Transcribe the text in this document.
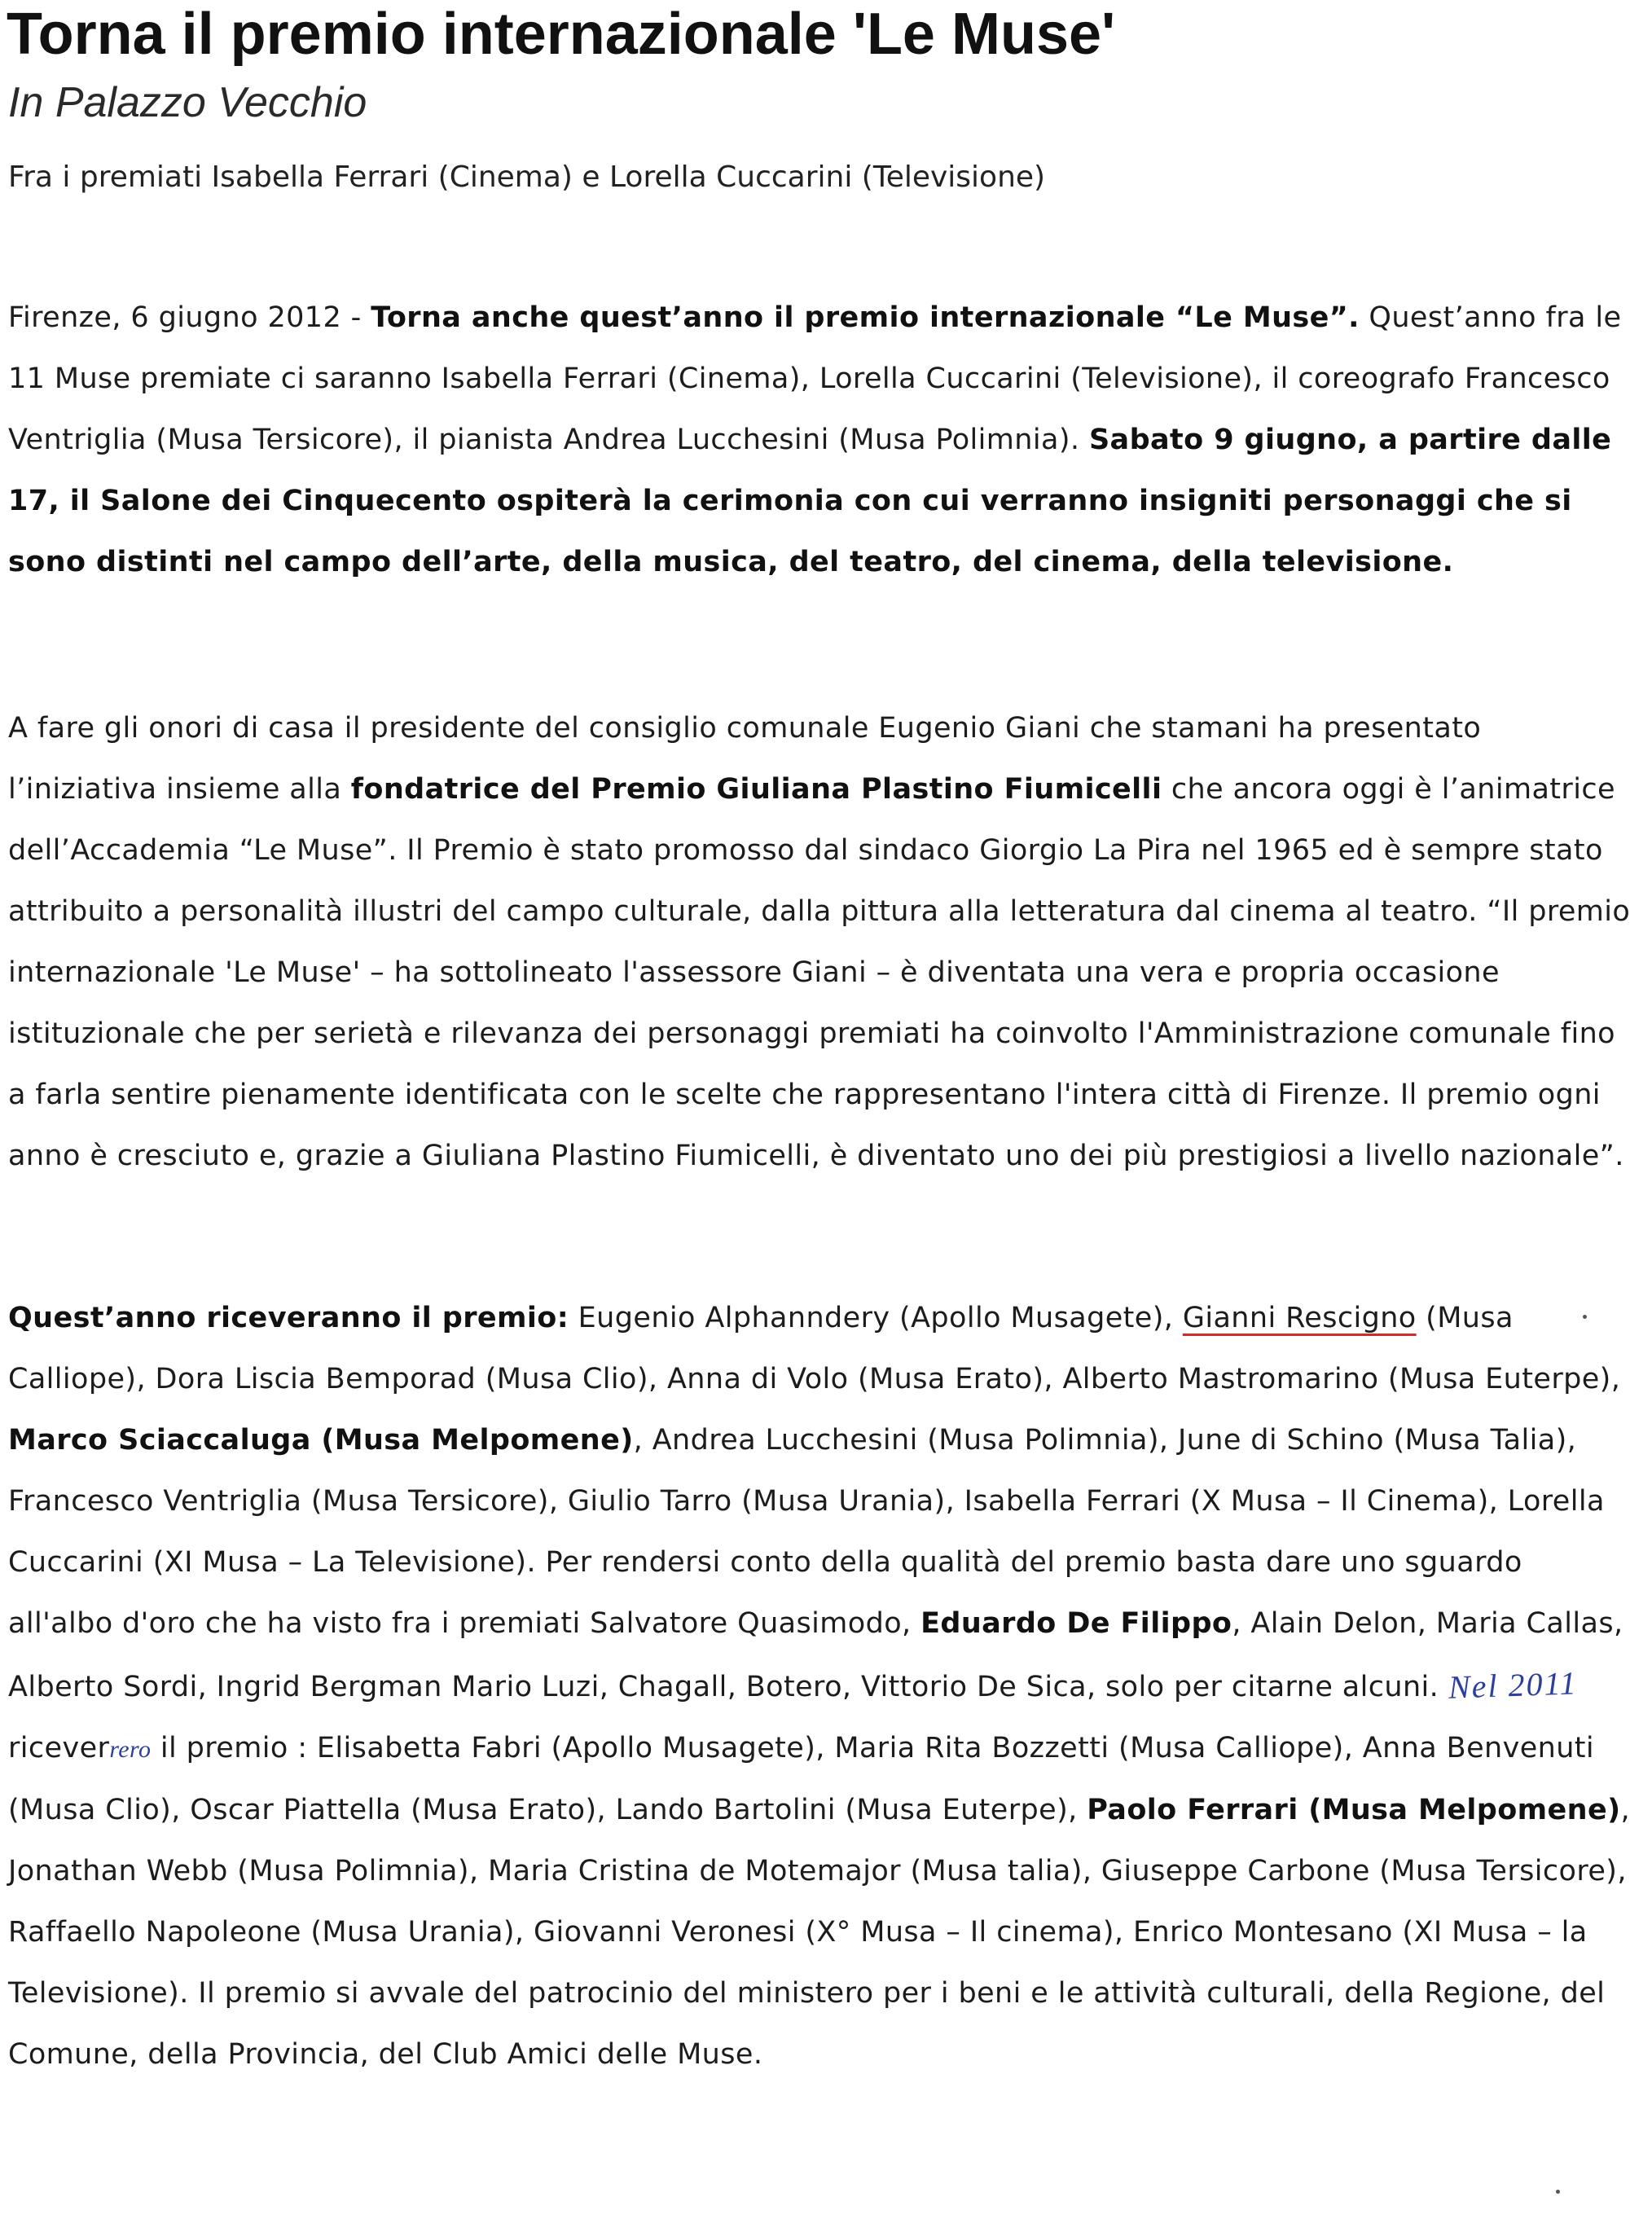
Torna il premio internazionale 'Le Muse'
In Palazzo Vecchio
Fra i premiati Isabella Ferrari (Cinema) e Lorella Cuccarini (Televisione)

Firenze, 6 giugno 2012 - Torna anche quest’anno il premio internazionale “Le Muse”. Quest’anno fra le 11 Muse premiate ci saranno Isabella Ferrari (Cinema), Lorella Cuccarini (Televisione), il coreografo Francesco Ventriglia (Musa Tersicore), il pianista Andrea Lucchesini (Musa Polimnia). Sabato 9 giugno, a partire dalle 17, il Salone dei Cinquecento ospiterà la cerimonia con cui verranno insigniti personaggi che si sono distinti nel campo dell’arte, della musica, del teatro, del cinema, della televisione.

A fare gli onori di casa il presidente del consiglio comunale Eugenio Giani che stamani ha presentato l’iniziativa insieme alla fondatrice del Premio Giuliana Plastino Fiumicelli che ancora oggi è l’animatrice dell’Accademia “Le Muse”. Il Premio è stato promosso dal sindaco Giorgio La Pira nel 1965 ed è sempre stato attribuito a personalità illustri del campo culturale, dalla pittura alla letteratura dal cinema al teatro. “Il premio internazionale 'Le Muse' – ha sottolineato l'assessore Giani – è diventata una vera e propria occasione istituzionale che per serietà e rilevanza dei personaggi premiati ha coinvolto l'Amministrazione comunale fino a farla sentire pienamente identificata con le scelte che rappresentano l'intera città di Firenze. Il premio ogni anno è cresciuto e, grazie a Giuliana Plastino Fiumicelli, è diventato uno dei più prestigiosi a livello nazionale”.

Quest’anno riceveranno il premio: Eugenio Alphanndery (Apollo Musagete), Gianni Rescigno (Musa Calliope), Dora Liscia Bemporad (Musa Clio), Anna di Volo (Musa Erato), Alberto Mastromarino (Musa Euterpe), Marco Sciaccaluga (Musa Melpomene), Andrea Lucchesini (Musa Polimnia), June di Schino (Musa Talia), Francesco Ventriglia (Musa Tersicore), Giulio Tarro (Musa Urania), Isabella Ferrari (X Musa – Il Cinema), Lorella Cuccarini (XI Musa – La Televisione). Per rendersi conto della qualità del premio basta dare uno sguardo all'albo d'oro che ha visto fra i premiati Salvatore Quasimodo, Eduardo De Filippo, Alain Delon, Maria Callas, Alberto Sordi, Ingrid Bergman Mario Luzi, Chagall, Botero, Vittorio De Sica, solo per citarne alcuni. Nel 2011 riceverrero il premio : Elisabetta Fabri (Apollo Musagete), Maria Rita Bozzetti (Musa Calliope), Anna Benvenuti (Musa Clio), Oscar Piattella (Musa Erato), Lando Bartolini (Musa Euterpe), Paolo Ferrari (Musa Melpomene), Jonathan Webb (Musa Polimnia), Maria Cristina de Motemajor (Musa talia), Giuseppe Carbone (Musa Tersicore), Raffaello Napoleone (Musa Urania), Giovanni Veronesi (X° Musa – Il cinema), Enrico Montesano (XI Musa – la Televisione). Il premio si avvale del patrocinio del ministero per i beni e le attività culturali, della Regione, del Comune, della Provincia, del Club Amici delle Muse.
